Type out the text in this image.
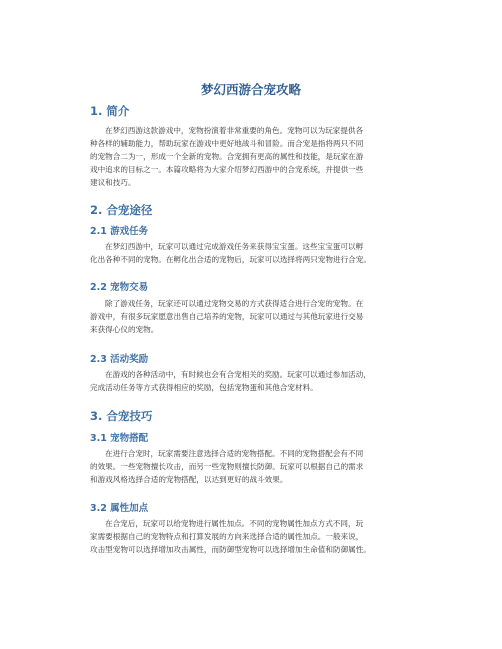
梦幻西游合宠攻略
1. 简介
在梦幻西游这款游戏中，宠物扮演着非常重要的角色。宠物可以为玩家提供各
种各样的辅助能力，帮助玩家在游戏中更好地战斗和冒险。而合宠是指将两只不同
的宠物合二为一，形成一个全新的宠物。合宠拥有更高的属性和技能，是玩家在游
戏中追求的目标之一。本篇攻略将为大家介绍梦幻西游中的合宠系统，并提供一些
建议和技巧。
2. 合宠途径
2.1 游戏任务
在梦幻西游中，玩家可以通过完成游戏任务来获得宝宝蛋。这些宝宝蛋可以孵
化出各种不同的宠物。在孵化出合适的宠物后，玩家可以选择将两只宠物进行合宠。
2.2 宠物交易
除了游戏任务，玩家还可以通过宠物交易的方式获得适合进行合宠的宠物。在
游戏中，有很多玩家愿意出售自己培养的宠物，玩家可以通过与其他玩家进行交易
来获得心仪的宠物。
2.3 活动奖励
在游戏的各种活动中，有时候也会有合宠相关的奖励。玩家可以通过参加活动，
完成活动任务等方式获得相应的奖励，包括宠物蛋和其他合宠材料。
3. 合宠技巧
3.1 宠物搭配
在进行合宠时，玩家需要注意选择合适的宠物搭配。不同的宠物搭配会有不同
的效果。一些宠物擅长攻击，而另一些宠物则擅长防御。玩家可以根据自己的需求
和游戏风格选择合适的宠物搭配，以达到更好的战斗效果。
3.2 属性加点
在合宠后，玩家可以给宠物进行属性加点。不同的宠物属性加点方式不同，玩
家需要根据自己的宠物特点和打算发展的方向来选择合适的属性加点。一般来说，
攻击型宠物可以选择增加攻击属性，而防御型宠物可以选择增加生命值和防御属性。
